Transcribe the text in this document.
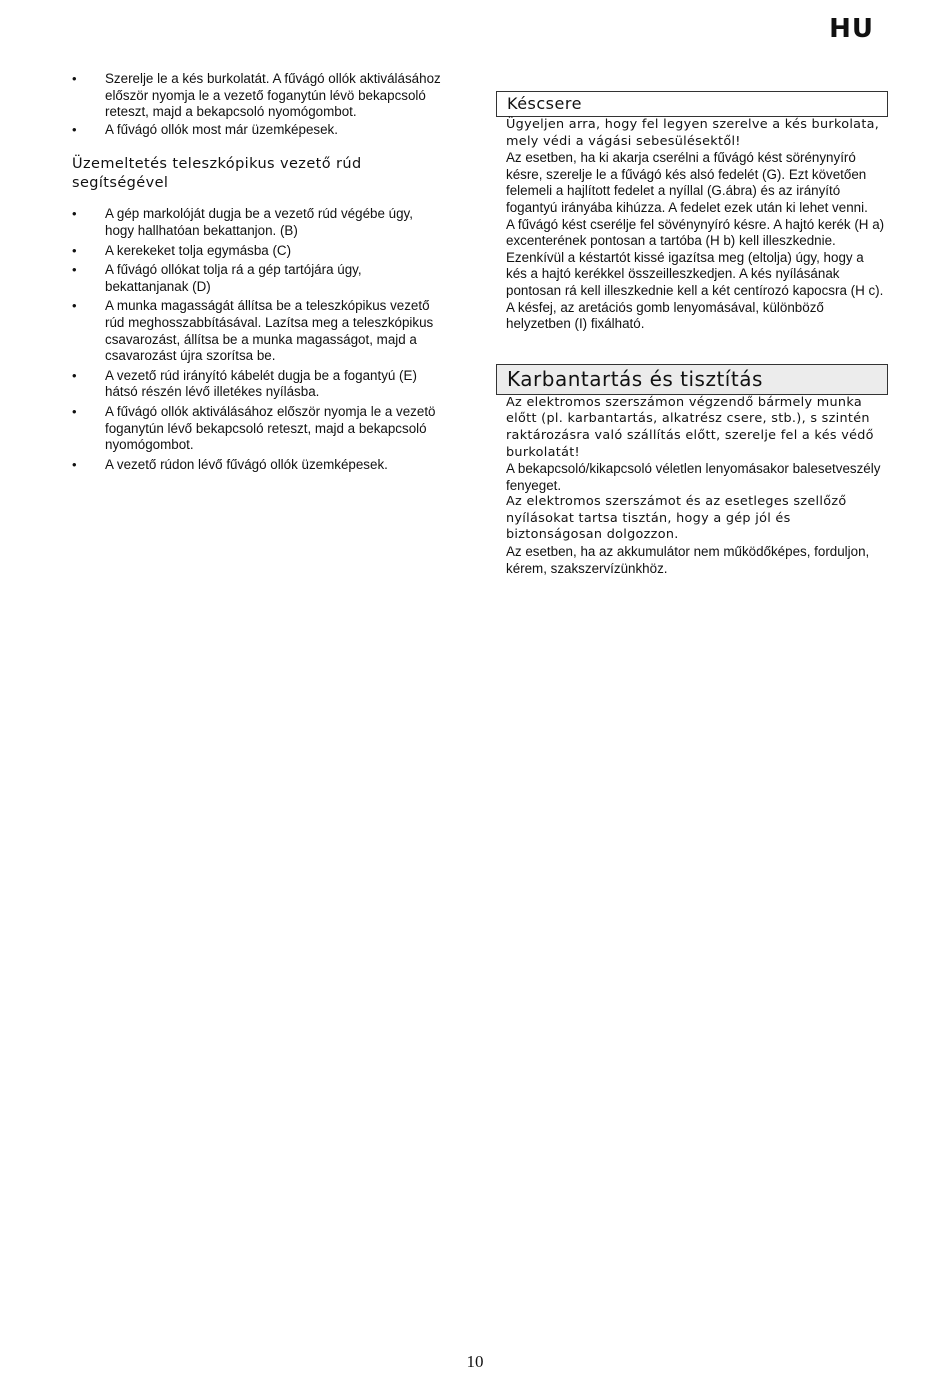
HU
• Szerelje le a kés burkolatát. A fűvágó ollók aktiválásához először nyomja le a vezető foganytún lévö bekapcsoló reteszt, majd a bekapcsoló nyomógombot.
• A fűvágó ollók most már üzemképesek.
Üzemeltetés teleszkópikus vezető rúd segítségével
• A gép markolóját dugja be a vezető rúd végébe úgy, hogy hallhatóan bekattanjon. (B)
• A kerekeket tolja egymásba (C)
• A fűvágó ollókat tolja rá a gép tartójára úgy, bekattanjanak (D)
• A munka magasságát állítsa be a teleszkópikus vezető rúd meghosszabbításával. Lazítsa meg a teleszkópikus csavarozást, állítsa be a munka magasságot, majd a csavarozást újra szorítsa be.
• A vezető rúd irányító kábelét dugja be a fogantyú (E) hátsó részén lévő illetékes nyílásba.
• A fűvágó ollók aktiválásához először nyomja le a vezetö foganytún lévő bekapcsoló reteszt, majd a bekapcsoló nyomógombot.
• A vezető rúdon lévő fűvágó ollók üzemképesek.
Késcsere

Ügyeljen arra, hogy fel legyen szerelve a kés burkolata, mely védi a vágási sebesülésektől!

Az esetben, ha ki akarja cserélni a fűvágó kést sörénynyíró késre, szerelje le a fűvágó kés alsó fedelét (G). Ezt követően felemeli a hajlított fedelet a nyíllal (G.ábra) és az irányító fogantyú irányába kihúzza. A fedelet ezek után ki lehet venni.

A fűvágó kést cserélje fel sövénynyíró késre. A hajtó kerék (H a) excenterének pontosan a tartóba (H b) kell illeszkednie. Ezenkívül a késtartót kissé igazítsa meg (eltolja) úgy, hogy a kés a hajtó kerékkel összeilleszkedjen. A kés nyílásának pontosan rá kell illeszkednie kell a két centírozó kapocsra (H c).

A késfej, az aretációs gomb lenyomásával, különböző helyzetben (I) fixálható.

Karbantartás és tisztítás

Az elektromos szerszámon végzendő bármely munka előtt (pl. karbantartás, alkatrész csere, stb.), s szintén raktározásra való szállítás előtt, szerelje fel a kés védő burkolatát!

A bekapcsoló/kikapcsoló véletlen lenyomásakor balesetveszély fenyeget.

Az elektromos szerszámot és az esetleges szellőző nyílásokat tartsa tisztán, hogy a gép jól és biztonságosan dolgozzon.

Az esetben, ha az akkumulátor nem működőképes, forduljon, kérem, szakszervízünkhöz.

10
